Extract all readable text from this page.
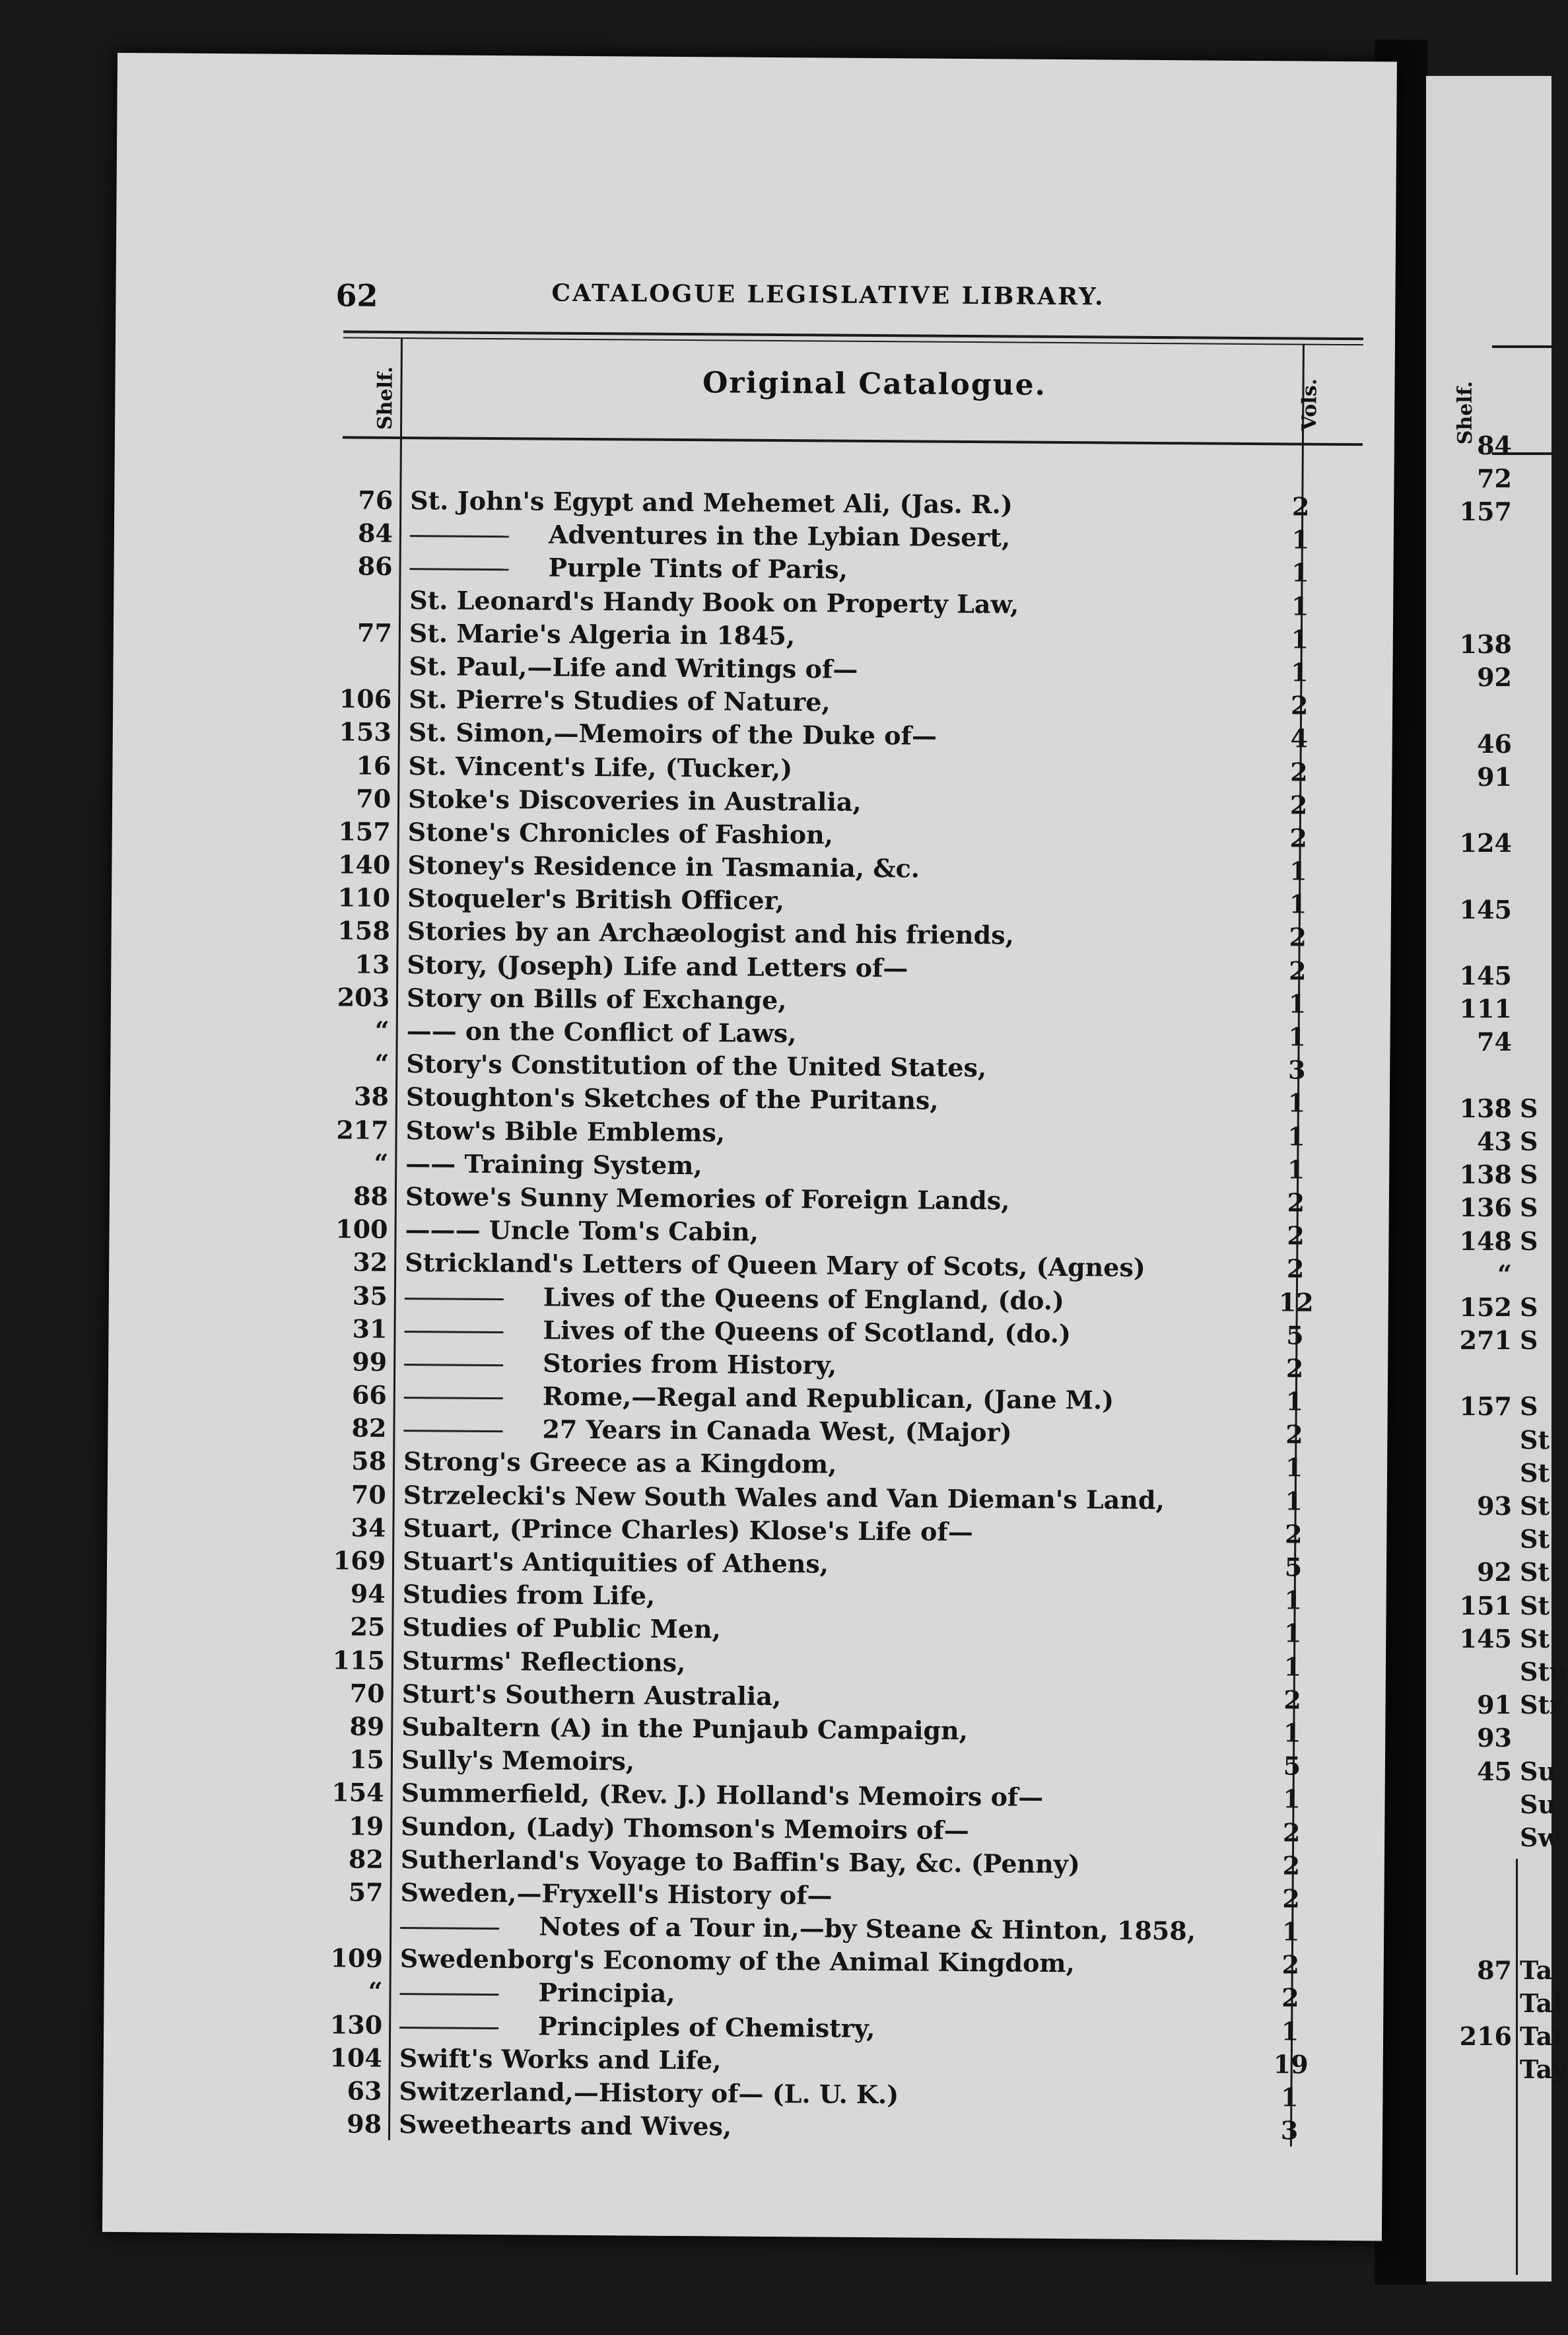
Shelf.
84
72
157
138
92
46
91
124
145
145
111
74
138 S
43 S
138 S
136 S
148 S
“
152 S
271 S
157 S
St
St
93 St
St
92 St
151 St
145 St
Stu
91 Str
93
45 Su
Su
Sw
87 Ta
Tal
216 Tat
Tay
62	CATALOGUE LEGISLATIVE LIBRARY.
Shelf.	Original Catalogue.	Vols.
76 St. John's Egypt and Mehemet Ali, (Jas. R.)	2
84	Adventures in the Lybian Desert,	1
86	Purple Tints of Paris,	1
St. Leonard's Handy Book on Property Law,	1
77 St. Marie's Algeria in 1845,	1
St. Paul,—Life and Writings of—	1
106 St. Pierre's Studies of Nature,	2
153 St. Simon,—Memoirs of the Duke of—	4
16 St. Vincent's Life, (Tucker,)	2
70 Stoke's Discoveries in Australia,	2
157 Stone's Chronicles of Fashion,	2
140 Stoney's Residence in Tasmania, &c.	1
110 Stoqueler's British Officer,	1
158 Stories by an Archæologist and his friends,	2
13 Story, (Joseph) Life and Letters of—	2
203 Story on Bills of Exchange,	1
“ —— on the Conflict of Laws,	1
“ Story's Constitution of the United States,	3
38 Stoughton's Sketches of the Puritans,	1
217 Stow's Bible Emblems,	1
“ —— Training System,	1
88 Stowe's Sunny Memories of Foreign Lands,	2
100 ——— Uncle Tom's Cabin,	2
32 Strickland's Letters of Queen Mary of Scots, (Agnes)	2
35	Lives of the Queens of England, (do.)	12
31	Lives of the Queens of Scotland, (do.)	5
99	Stories from History,	2
66	Rome,—Regal and Republican, (Jane M.)	1
82	27 Years in Canada West, (Major)	2
58 Strong's Greece as a Kingdom,	1
70 Strzelecki's New South Wales and Van Dieman's Land,	1
34 Stuart, (Prince Charles) Klose's Life of—	2
169 Stuart's Antiquities of Athens,	5
94 Studies from Life,	1
25 Studies of Public Men,	1
115 Sturms' Reflections,	1
70 Sturt's Southern Australia,	2
89 Subaltern (A) in the Punjaub Campaign,	1
15 Sully's Memoirs,	5
154 Summerfield, (Rev. J.) Holland's Memoirs of—	1
19 Sundon, (Lady) Thomson's Memoirs of—	2
82 Sutherland's Voyage to Baffin's Bay, &c. (Penny)	2
57 Sweden,—Fryxell's History of—	2
Notes of a Tour in,—by Steane & Hinton, 1858,	1
109 Swedenborg's Economy of the Animal Kingdom,	2
“	Principia,	2
130	Principles of Chemistry,	1
104 Swift's Works and Life,	19
63 Switzerland,—History of— (L. U. K.)	1
98 Sweethearts and Wives,	3
